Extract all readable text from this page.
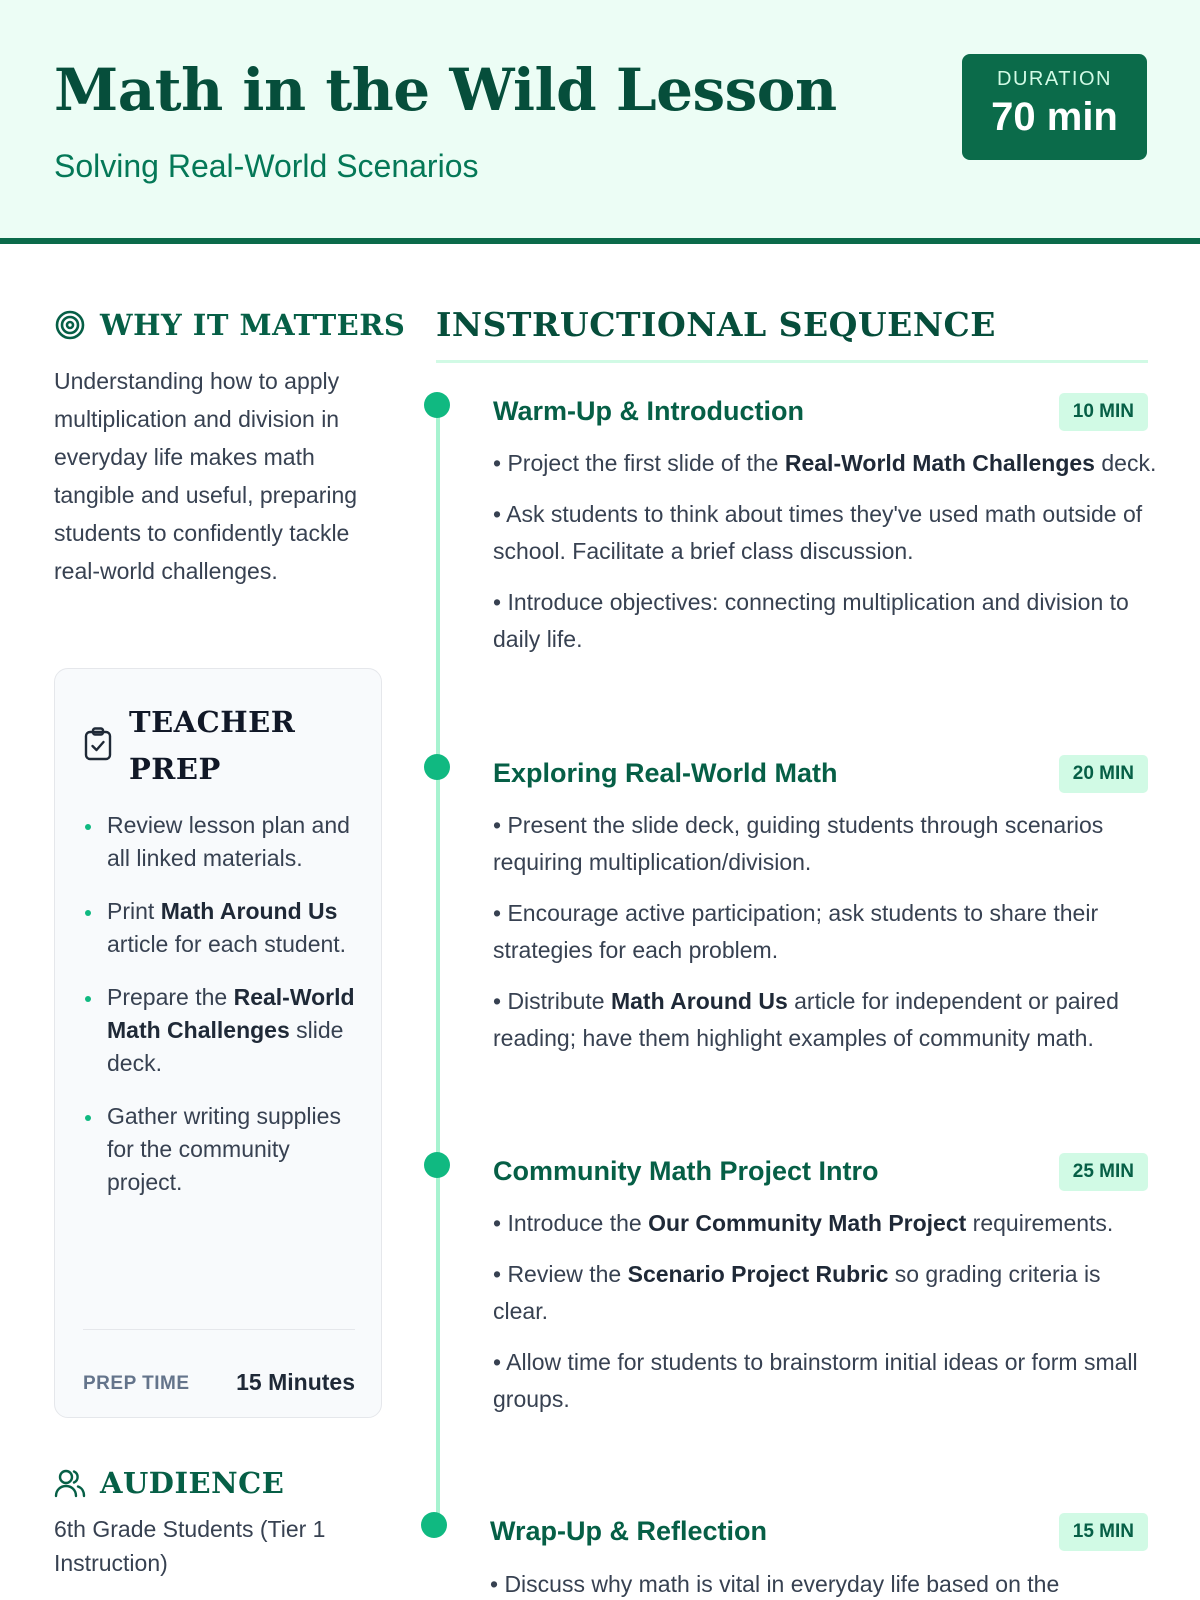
Math in the Wild Lesson
Solving Real-World Scenarios
DURATION
70 min
WHY IT MATTERS

Understanding how to apply multiplication and division in everyday life makes math tangible and useful, preparing students to confidently tackle real-world challenges.

TEACHER
PREP
Review lesson plan and all linked materials.
Print Math Around Us article for each student.
Prepare the Real-World Math Challenges slide deck.
Gather writing supplies for the community project.
PREP TIME 15 Minutes
AUDIENCE

6th Grade Students (Tier 1 Instruction)

INSTRUCTIONAL SEQUENCE
Warm-Up & Introduction	10 MIN
• Project the first slide of the Real-World Math Challenges deck.
• Ask students to think about times they've used math outside of school. Facilitate a brief class discussion.
• Introduce objectives: connecting multiplication and division to daily life.
Exploring Real-World Math	20 MIN
• Present the slide deck, guiding students through scenarios requiring multiplication/division.
• Encourage active participation; ask students to share their strategies for each problem.
• Distribute Math Around Us article for independent or paired reading; have them highlight examples of community math.
Community Math Project Intro	25 MIN
• Introduce the Our Community Math Project requirements.
• Review the Scenario Project Rubric so grading criteria is clear.
• Allow time for students to brainstorm initial ideas or form small groups.
Wrap-Up & Reflection	15 MIN
• Discuss why math is vital in everyday life based on the
